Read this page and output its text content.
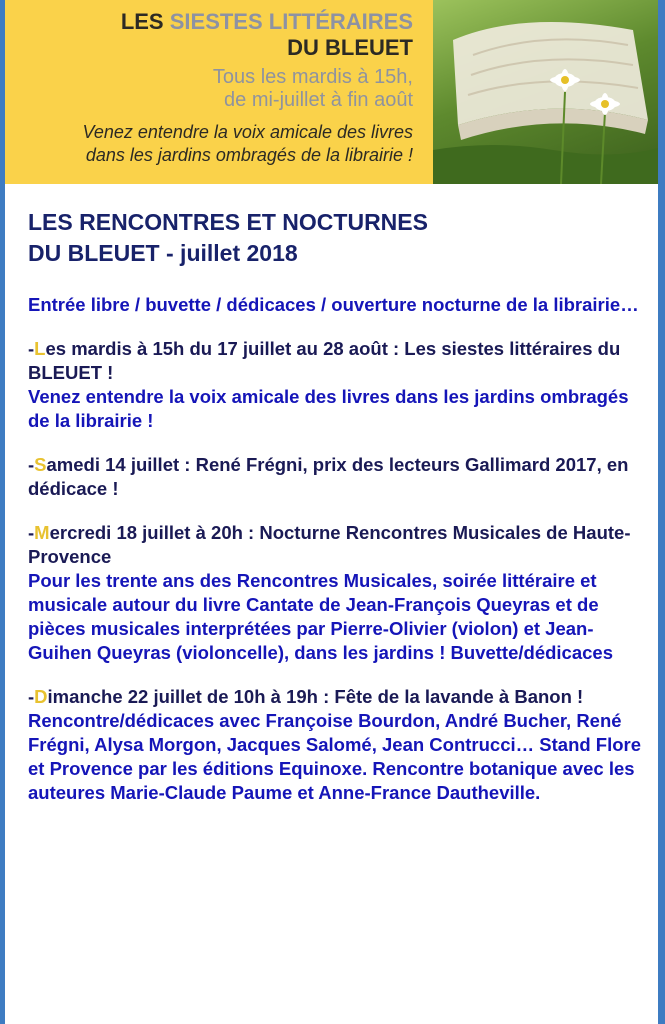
LES SIESTES LITTÉRAIRES
DU BLEUET
Tous les mardis à 15h,
de mi-juillet à fin août
Venez entendre la voix amicale des livres
dans les jardins ombragés de la librairie !
LES RENCONTRES ET NOCTURNES
DU BLEUET - juillet 2018

Entrée libre / buvette / dédicaces / ouverture nocturne de la librairie…

-Les mardis à 15h du 17 juillet au 28 août : Les siestes littéraires du BLEUET !
Venez entendre la voix amicale des livres dans les jardins ombragés de la librairie !

-Samedi 14 juillet : René Frégni, prix des lecteurs Gallimard 2017, en dédicace !

-Mercredi 18 juillet à 20h : Nocturne Rencontres Musicales de Haute-Provence
Pour les trente ans des Rencontres Musicales, soirée littéraire et musicale autour du livre Cantate de Jean-François Queyras et de pièces musicales interprétées par Pierre-Olivier (violon) et Jean-Guihen Queyras (violoncelle), dans les jardins ! Buvette/dédicaces

-Dimanche 22 juillet de 10h à 19h : Fête de la lavande à Banon !
Rencontre/dédicaces avec Françoise Bourdon, André Bucher, René Frégni, Alysa Morgon, Jacques Salomé, Jean Contrucci… Stand Flore et Provence par les éditions Equinoxe. Rencontre botanique avec les auteures Marie-Claude Paume et Anne-France Dautheville.
